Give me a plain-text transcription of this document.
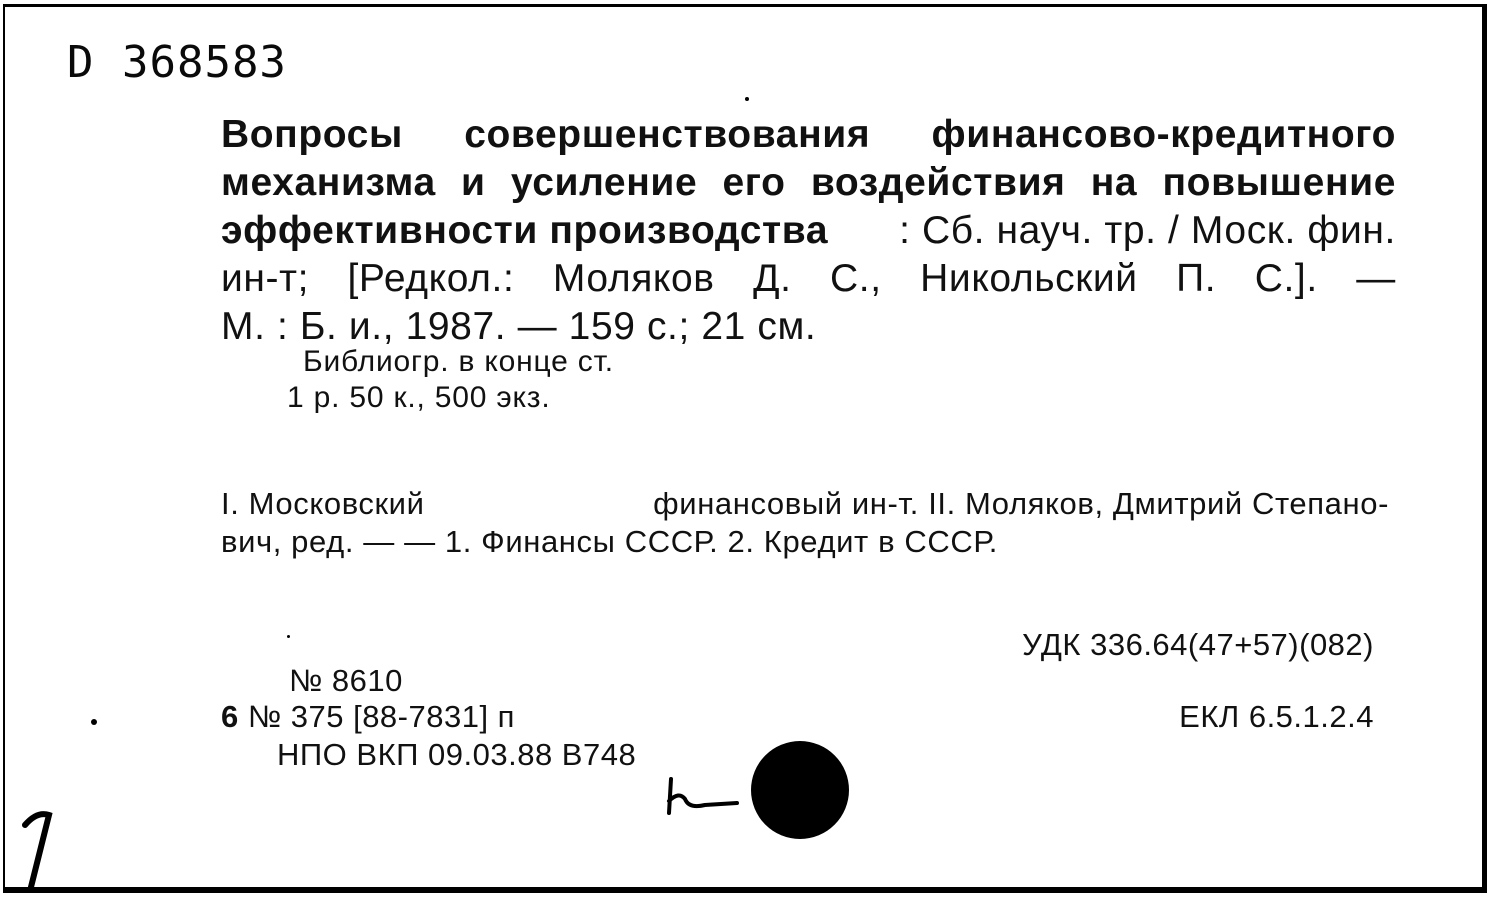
D 368583
Вопросы совершенствования финансово-кредитного
механизма и усиление его воздействия на повышение
эффективности производства : Сб. науч. тр. / Моск. фин.
ин-т; [Редкол.: Моляков Д. С., Никольский П. С.]. —
М. : Б. и., 1987. — 159 с.; 21 см.
Библиогр. в конце ст.
1 р. 50 к., 500 экз.
I. Московский	финансовый ин-т. II. Моляков, Дмитрий Степано-
вич, ред. — — 1. Финансы СССР. 2. Кредит в СССР.
УДК 336.64(47+57)(082)
ЕКЛ 6.5.1.2.4
№ 8610
6 № 375 [88-7831] п
НПО ВКП 09.03.88 В748
